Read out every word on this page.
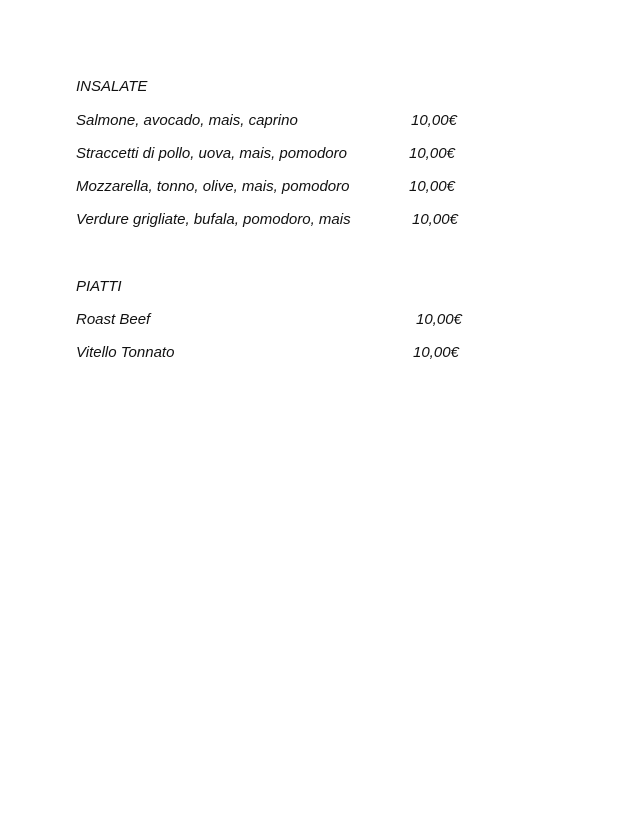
INSALATE
Salmone, avocado, mais, caprino	10,00€
Straccetti di pollo, uova, mais, pomodoro	10,00€
Mozzarella, tonno, olive, mais, pomodoro	10,00€
Verdure grigliate, bufala, pomodoro, mais	10,00€
PIATTI
Roast Beef	10,00€
Vitello Tonnato	10,00€
